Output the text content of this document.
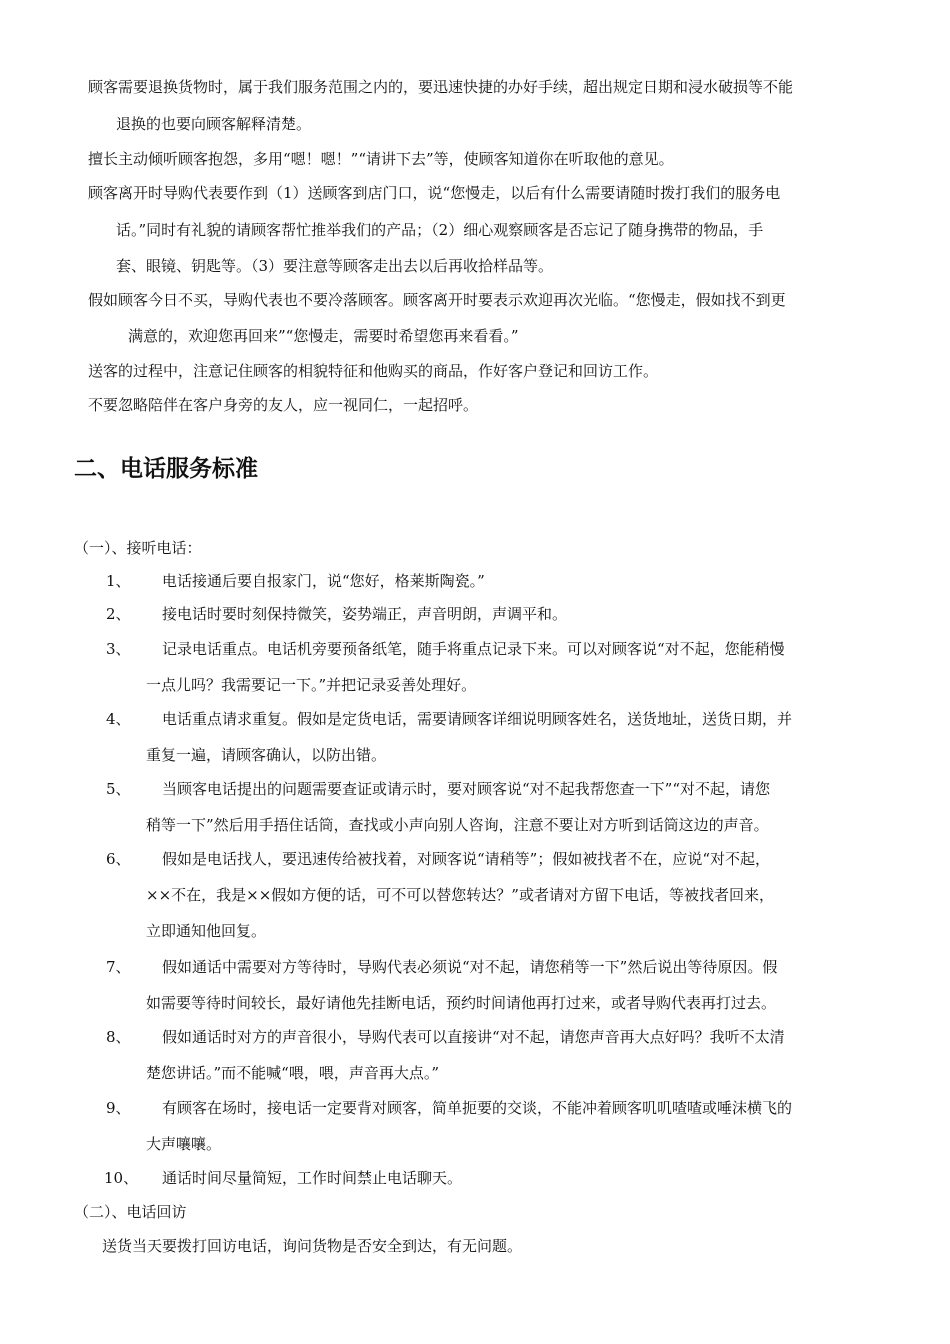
顾客需要退换货物时，属于我们服务范围之内的，要迅速快捷的办好手续，超出规定日期和浸水破损等不能
退换的也要向顾客解释清楚。
擅长主动倾听顾客抱怨，多用“嗯！嗯！”“请讲下去”等，使顾客知道你在听取他的意见。
顾客离开时导购代表要作到（1）送顾客到店门口，说“您慢走，以后有什么需要请随时拨打我们的服务电
话。”同时有礼貌的请顾客帮忙推举我们的产品；（2）细心观察顾客是否忘记了随身携带的物品，手
套、眼镜、钥匙等。（3）要注意等顾客走出去以后再收拾样品等。
假如顾客今日不买，导购代表也不要冷落顾客。顾客离开时要表示欢迎再次光临。“您慢走，假如找不到更
满意的，欢迎您再回来”“您慢走，需要时希望您再来看看。”
送客的过程中，注意记住顾客的相貌特征和他购买的商品，作好客户登记和回访工作。
不要忽略陪伴在客户身旁的友人，应一视同仁，一起招呼。
二、电话服务标准
（一）、接听电话：
1、 电话接通后要自报家门，说“您好，格莱斯陶瓷。”
2、 接电话时要时刻保持微笑，姿势端正，声音明朗，声调平和。
3、 记录电话重点。电话机旁要预备纸笔，随手将重点记录下来。可以对顾客说“对不起，您能稍慢
一点儿吗？我需要记一下。”并把记录妥善处理好。
4、 电话重点请求重复。假如是定货电话，需要请顾客详细说明顾客姓名，送货地址，送货日期，并
重复一遍，请顾客确认，以防出错。
5、 当顾客电话提出的问题需要查证或请示时，要对顾客说“对不起我帮您查一下”“对不起，请您
稍等一下”然后用手捂住话筒，查找或小声向别人咨询，注意不要让对方听到话筒这边的声音。
6、 假如是电话找人，要迅速传给被找着，对顾客说“请稍等”；假如被找者不在，应说“对不起，
××不在，我是××假如方便的话，可不可以替您转达？”或者请对方留下电话，等被找者回来，
立即通知他回复。
7、 假如通话中需要对方等待时，导购代表必须说“对不起，请您稍等一下”然后说出等待原因。假
如需要等待时间较长，最好请他先挂断电话，预约时间请他再打过来，或者导购代表再打过去。
8、 假如通话时对方的声音很小，导购代表可以直接讲“对不起，请您声音再大点好吗？我听不太清
楚您讲话。”而不能喊“喂，喂，声音再大点。”
9、 有顾客在场时，接电话一定要背对顾客，简单扼要的交谈，不能冲着顾客叽叽喳喳或唾沫横飞的
大声嚷嚷。
10、 通话时间尽量简短，工作时间禁止电话聊天。
（二）、电话回访
送货当天要拨打回访电话，询问货物是否安全到达，有无问题。
